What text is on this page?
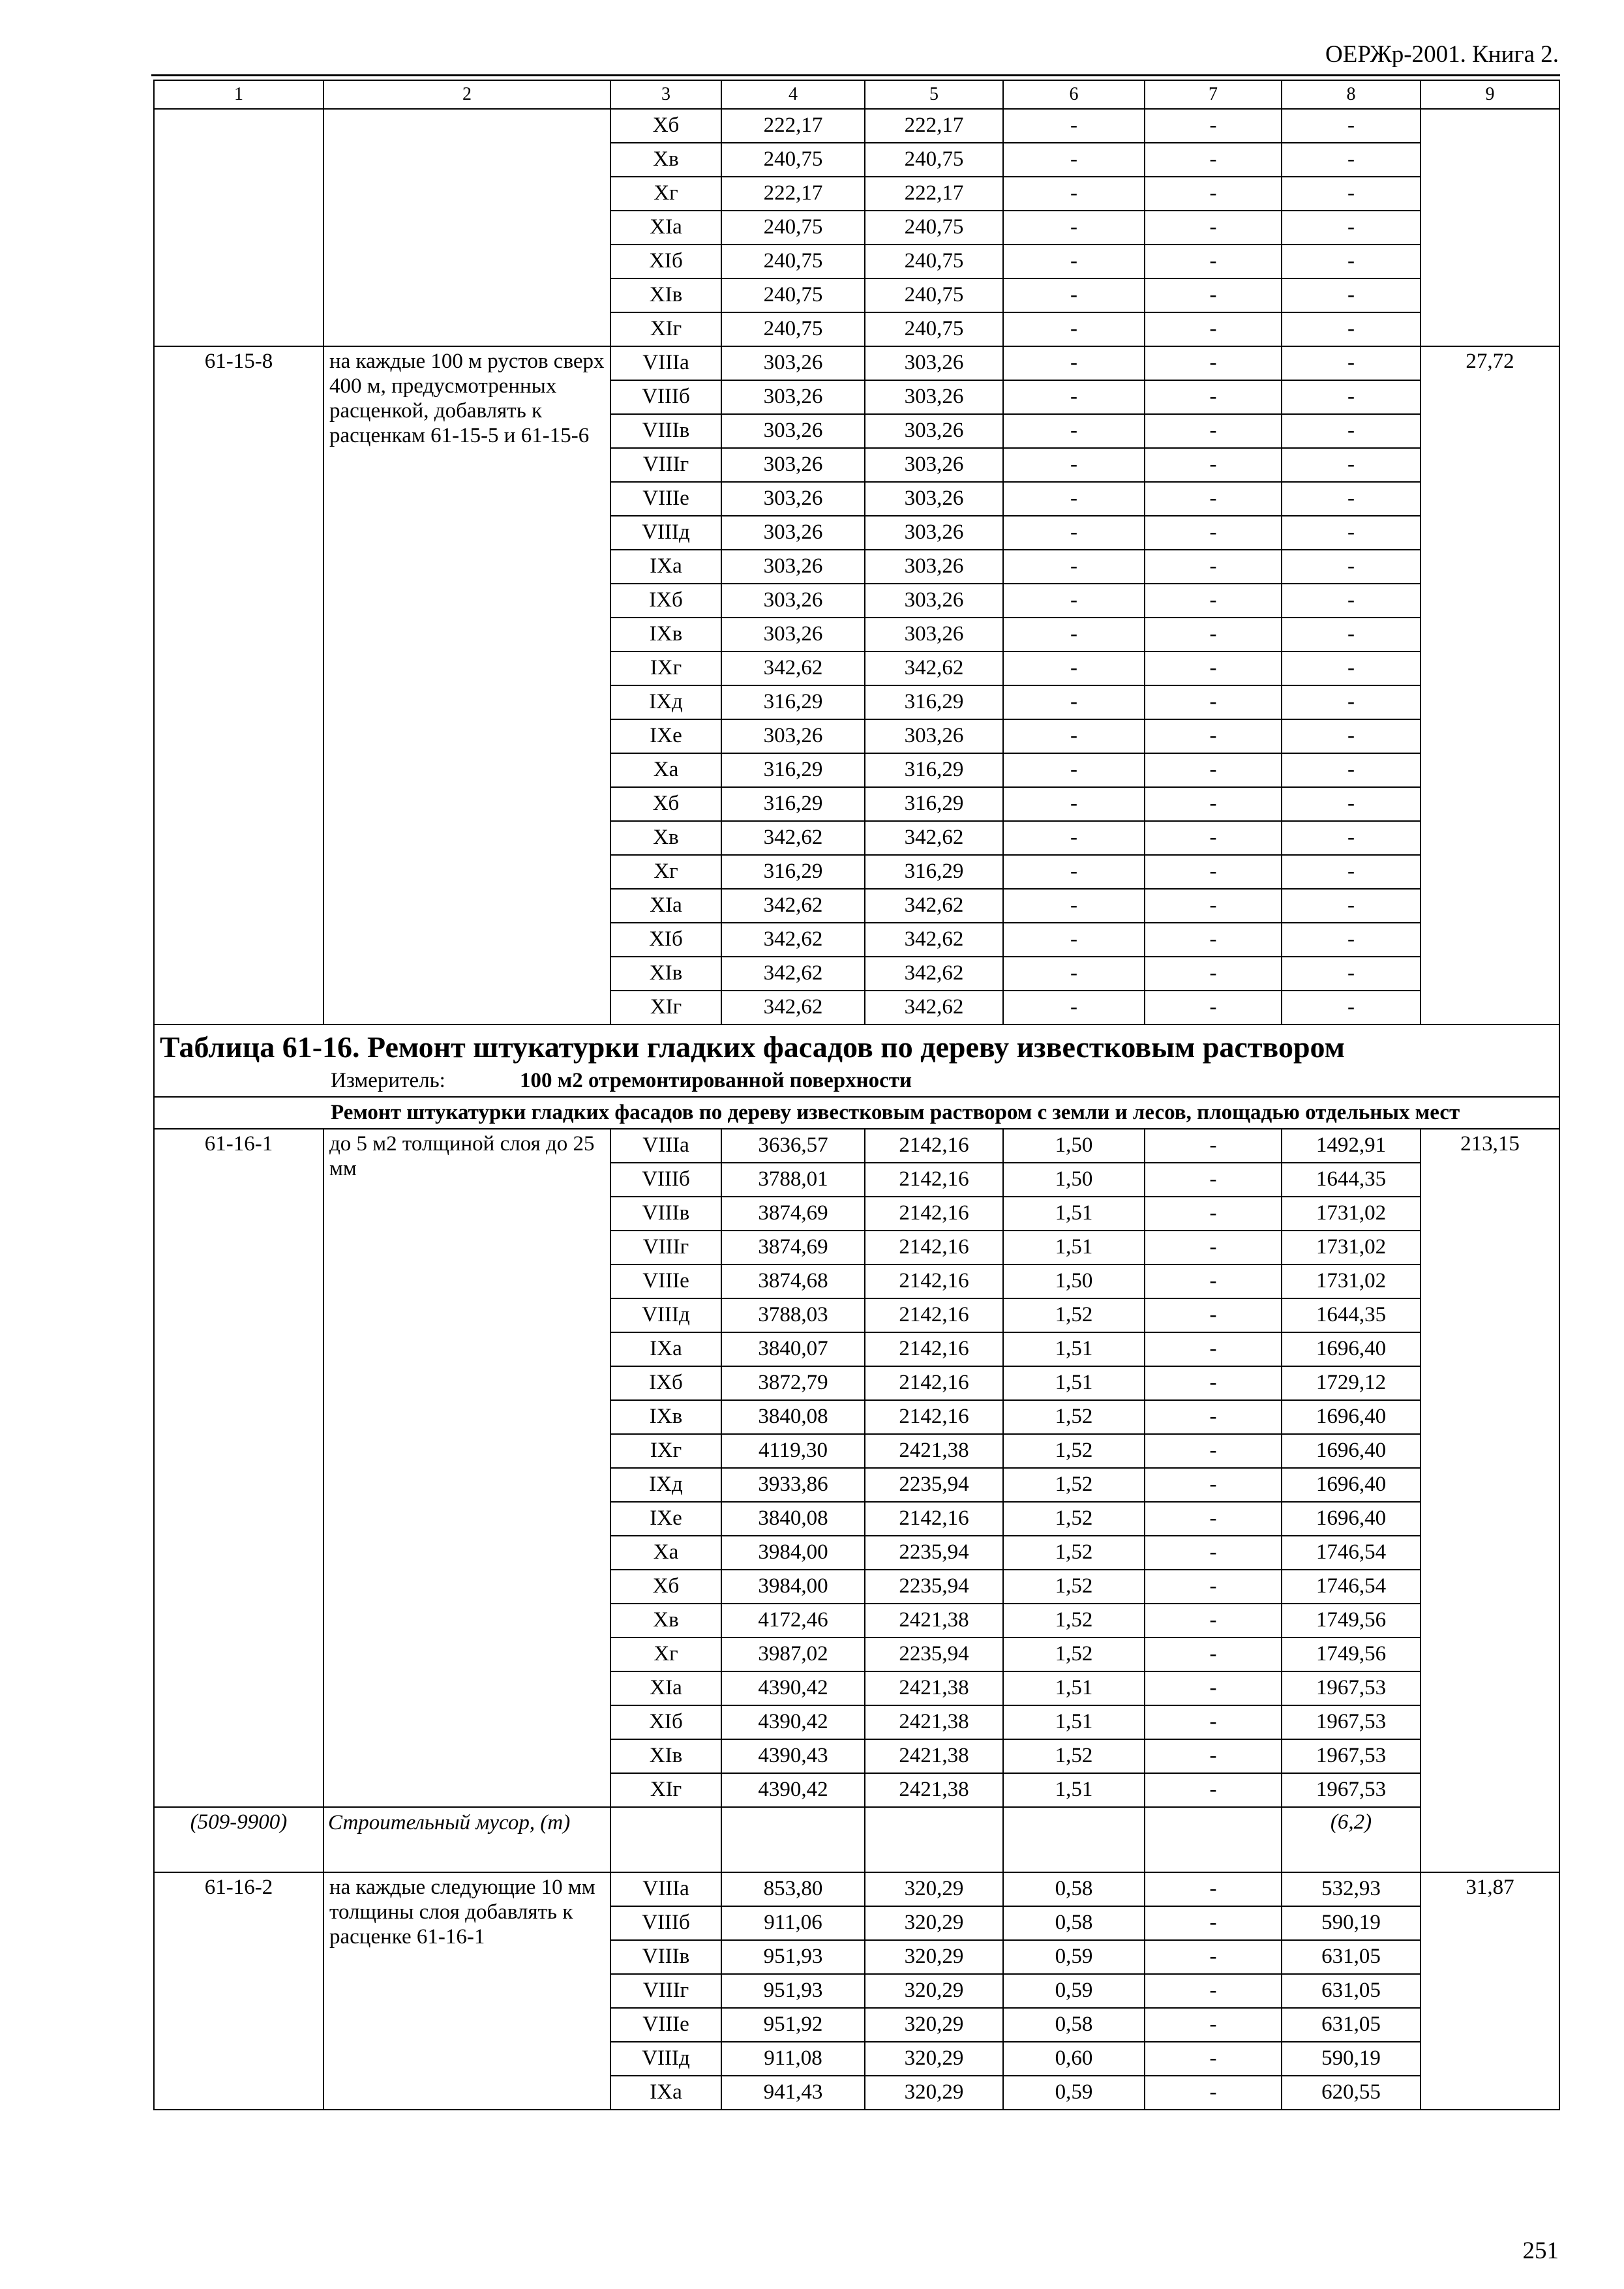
ОЕРЖр-2001. Книга 2.
1	2	3	4	5	6	7	8	9
		Xб	222,17	222,17	-	-	-	
		Xв	240,75	240,75	-	-	-	
		Xг	222,17	222,17	-	-	-	
		XIа	240,75	240,75	-	-	-	
		XIб	240,75	240,75	-	-	-	
		XIв	240,75	240,75	-	-	-	
		XIг	240,75	240,75	-	-	-	
61-15-8	на каждые 100 м рустов сверх 400 м, предусмотренных расценкой, добавлять к расценкам 61-15-5 и 61-15-6	VIIIа	303,26	303,26	-	-	-	27,72
		VIIIб	303,26	303,26	-	-	-	
		VIIIв	303,26	303,26	-	-	-	
		VIIIг	303,26	303,26	-	-	-	
		VIIIе	303,26	303,26	-	-	-	
		VIIIд	303,26	303,26	-	-	-	
		IXа	303,26	303,26	-	-	-	
		IXб	303,26	303,26	-	-	-	
		IXв	303,26	303,26	-	-	-	
		IXг	342,62	342,62	-	-	-	
		IXд	316,29	316,29	-	-	-	
		IXе	303,26	303,26	-	-	-	
		Xа	316,29	316,29	-	-	-	
		Xб	316,29	316,29	-	-	-	
		Xв	342,62	342,62	-	-	-	
		Xг	316,29	316,29	-	-	-	
		XIа	342,62	342,62	-	-	-	
		XIб	342,62	342,62	-	-	-	
		XIв	342,62	342,62	-	-	-	
		XIг	342,62	342,62	-	-	-	

Таблица 61-16. Ремонт штукатурки гладких фасадов по дереву известковым раствором
Измеритель: 100 м2 отремонтированной поверхности								

Ремонт штукатурки гладких фасадов по дереву известковым раствором с земли и лесов, площадью отдельных мест								
61-16-1	до 5 м2 толщиной слоя до 25 мм	VIIIа	3636,57	2142,16	1,50	-	1492,91	213,15
		VIIIб	3788,01	2142,16	1,50	-	1644,35	
		VIIIв	3874,69	2142,16	1,51	-	1731,02	
		VIIIг	3874,69	2142,16	1,51	-	1731,02	
		VIIIе	3874,68	2142,16	1,50	-	1731,02	
		VIIIд	3788,03	2142,16	1,52	-	1644,35	
		IXа	3840,07	2142,16	1,51	-	1696,40	
		IXб	3872,79	2142,16	1,51	-	1729,12	
		IXв	3840,08	2142,16	1,52	-	1696,40	
		IXг	4119,30	2421,38	1,52	-	1696,40	
		IXд	3933,86	2235,94	1,52	-	1696,40	
		IXе	3840,08	2142,16	1,52	-	1696,40	
		Xа	3984,00	2235,94	1,52	-	1746,54	
		Xб	3984,00	2235,94	1,52	-	1746,54	
		Xв	4172,46	2421,38	1,52	-	1749,56	
		Xг	3987,02	2235,94	1,52	-	1749,56	
		XIа	4390,42	2421,38	1,51	-	1967,53	
		XIб	4390,42	2421,38	1,51	-	1967,53	
		XIв	4390,43	2421,38	1,52	-	1967,53	
		XIг	4390,42	2421,38	1,51	-	1967,53	
(509-9900)	Строительный мусор, (т)						(6,2)	
61-16-2	на каждые следующие 10 мм толщины слоя добавлять к расценке 61-16-1	VIIIа	853,80	320,29	0,58	-	532,93	31,87
		VIIIб	911,06	320,29	0,58	-	590,19	
		VIIIв	951,93	320,29	0,59	-	631,05	
		VIIIг	951,93	320,29	0,59	-	631,05	
		VIIIе	951,92	320,29	0,58	-	631,05	
		VIIIд	911,08	320,29	0,60	-	590,19	
		IXа	941,43	320,29	0,59	-	620,55	
251
